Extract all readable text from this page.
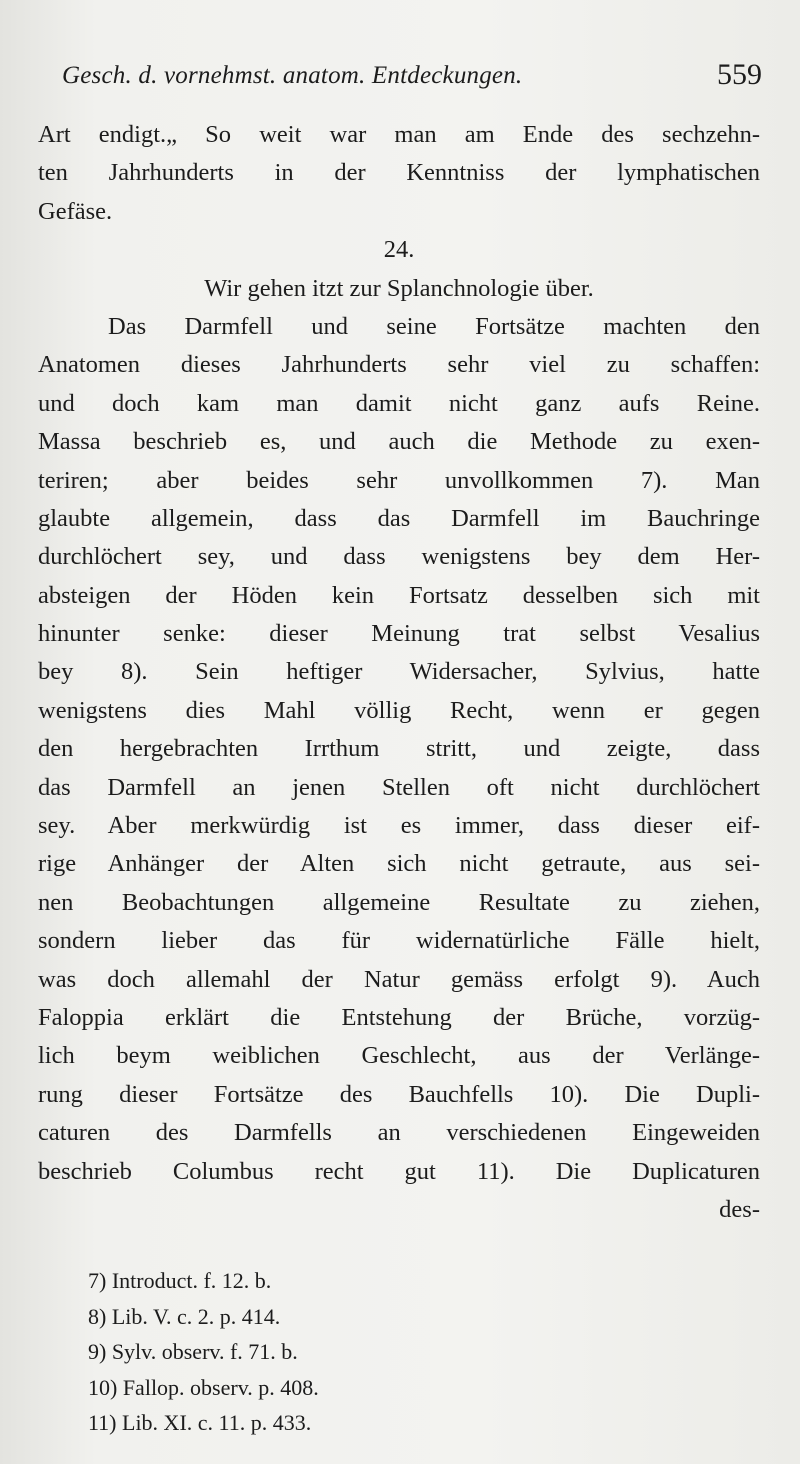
Gesch. d. vornehmst. anatom. Entdeckungen.	559
Art endigt.„ So weit war man am Ende des sechzehn-
ten Jahrhunderts in der Kenntniss der lymphatischen
Gefäse.
24.
Wir gehen itzt zur Splanchnologie über.
Das Darmfell und seine Fortsätze machten den
Anatomen dieses Jahrhunderts sehr viel zu schaffen:
und doch kam man damit nicht ganz aufs Reine.
Massa beschrieb es, und auch die Methode zu exen-
teriren; aber beides sehr unvollkommen 7). Man
glaubte allgemein, dass das Darmfell im Bauchringe
durchlöchert sey, und dass wenigstens bey dem Her-
absteigen der Höden kein Fortsatz desselben sich mit
hinunter senke: dieser Meinung trat selbst Vesalius
bey 8). Sein heftiger Widersacher, Sylvius, hatte
wenigstens dies Mahl völlig Recht, wenn er gegen
den hergebrachten Irrthum stritt, und zeigte, dass
das Darmfell an jenen Stellen oft nicht durchlöchert
sey. Aber merkwürdig ist es immer, dass dieser eif-
rige Anhänger der Alten sich nicht getraute, aus sei-
nen Beobachtungen allgemeine Resultate zu ziehen,
sondern lieber das für widernatürliche Fälle hielt,
was doch allemahl der Natur gemäss erfolgt 9). Auch
Faloppia erklärt die Entstehung der Brüche, vorzüg-
lich beym weiblichen Geschlecht, aus der Verlänge-
rung dieser Fortsätze des Bauchfells 10). Die Dupli-
caturen des Darmfells an verschiedenen Eingeweiden
beschrieb Columbus recht gut 11). Die Duplicaturen
des-
7) Introduct. f. 12. b.
8) Lib. V. c. 2. p. 414.
9) Sylv. observ. f. 71. b.
10) Fallop. observ. p. 408.
11) Lib. XI. c. 11. p. 433.
